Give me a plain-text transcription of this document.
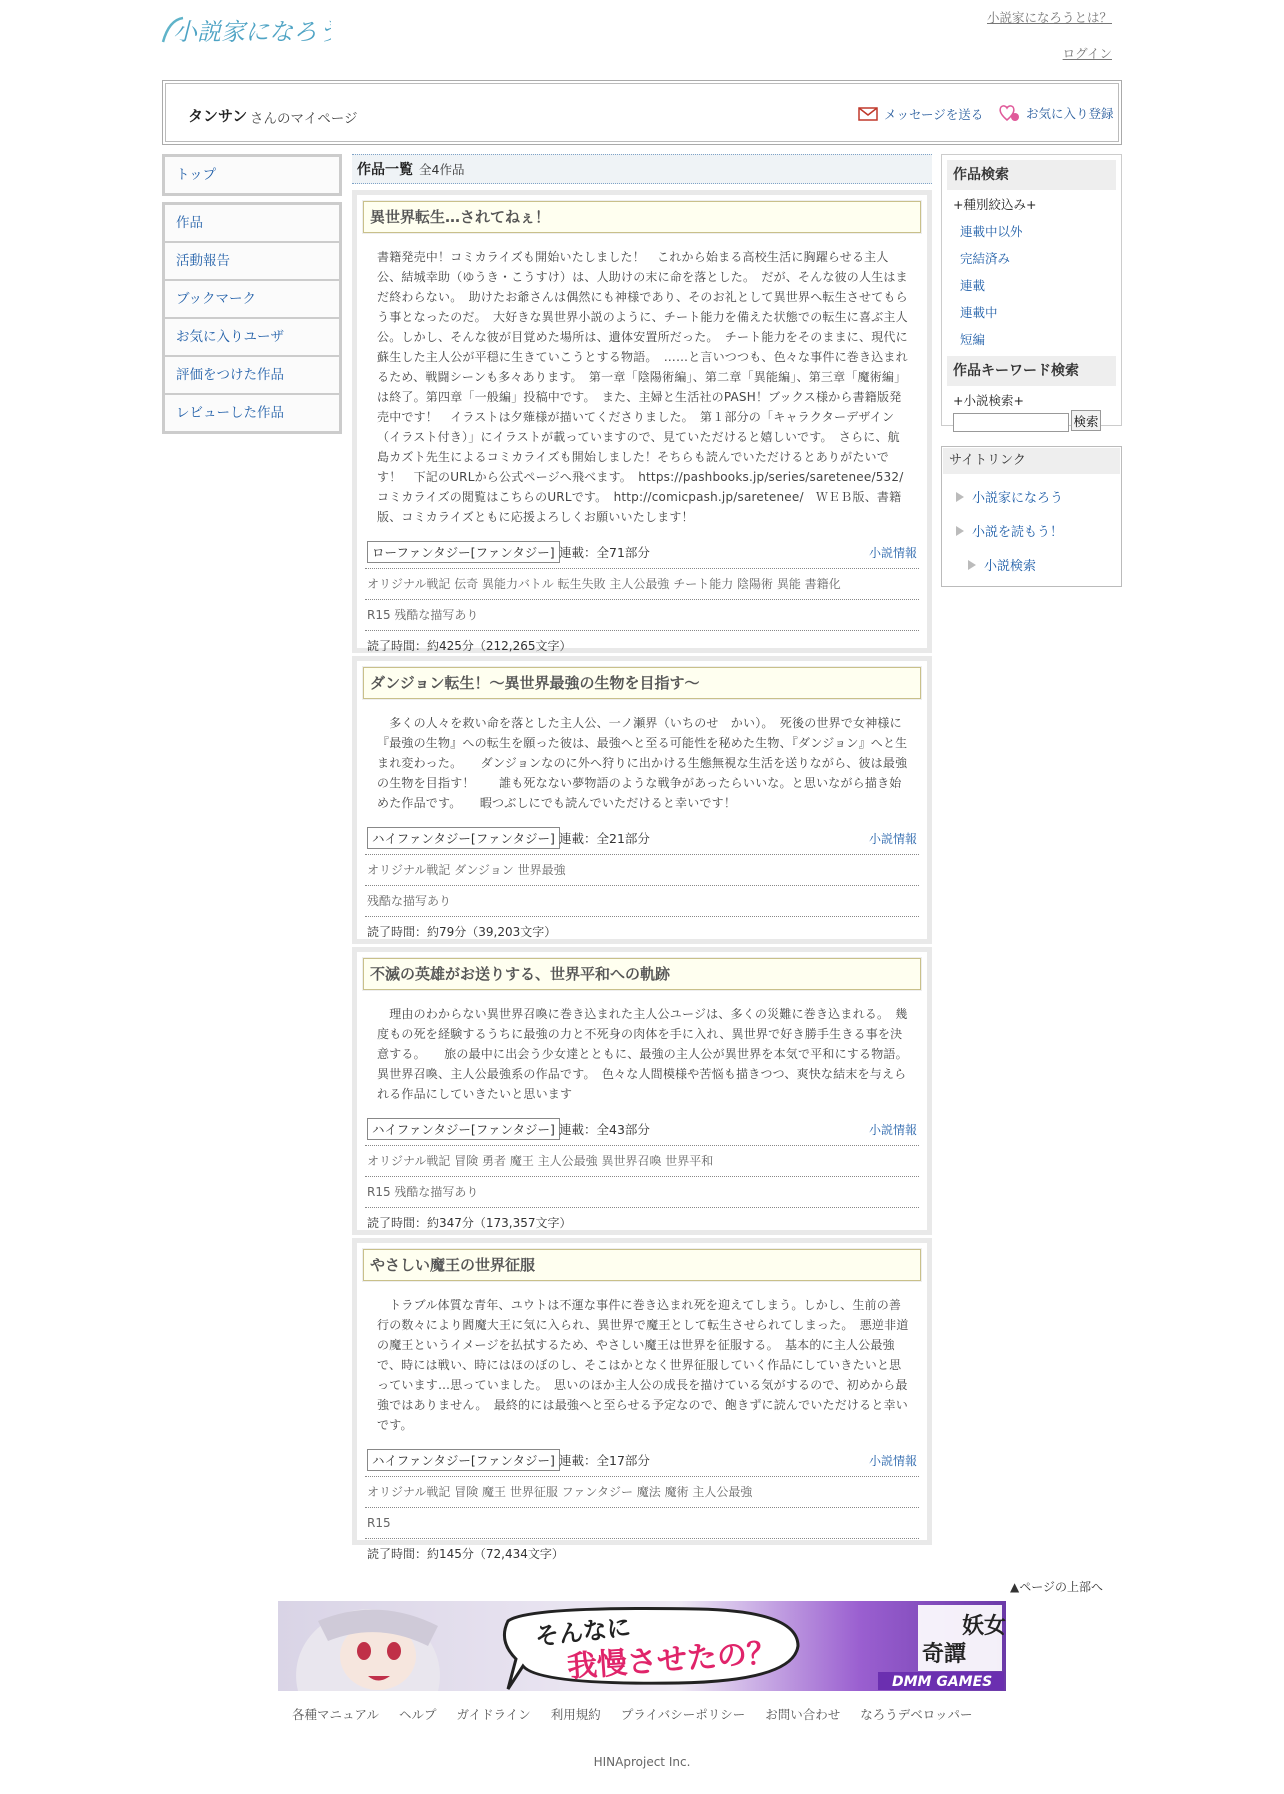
小説家になろう
小説家になろうとは？
ログイン
タンサン さんのマイページ	メッセージを送る	お気に入り登録
トップ
作品
活動報告
ブックマーク
お気に入りユーザ
評価をつけた作品
レビューした作品
作品一覧 全4作品
異世界転生…されてねぇ！
書籍発売中！コミカライズも開始いたしました！　これから始まる高校生活に胸躍らせる主人公、結城幸助（ゆうき・こうすけ）は、人助けの末に命を落とした。　だが、そんな彼の人生はまだ終わらない。　助けたお爺さんは偶然にも神様であり、そのお礼として異世界へ転生させてもらう事となったのだ。　大好きな異世界小説のように、チート能力を備えた状態での転生に喜ぶ主人公。しかし、そんな彼が目覚めた場所は、遺体安置所だった。　チート能力をそのままに、現代に蘇生した主人公が平穏に生きていこうとする物語。　……と言いつつも、色々な事件に巻き込まれるため、戦闘シーンも多々あります。　第一章「陰陽術編」、第二章「異能編」、第三章「魔術編」は終了。第四章「一般編」投稿中です。　また、主婦と生活社のPASH！ブックス様から書籍版発売中です！　イラストは夕薙様が描いてくださりました。　第１部分の「キャラクターデザイン（イラスト付き）」にイラストが載っていますので、見ていただけると嬉しいです。　さらに、航島カズト先生によるコミカライズも開始しました！そちらも読んでいただけるとありがたいです！　下記のURLから公式ページへ飛べます。　https://pashbooks.jp/series/saretenee/532/　コミカライズの閲覧はこちらのURLです。　http://comicpash.jp/saretenee/　ＷＥＢ版、書籍版、コミカライズともに応援よろしくお願いいたします！
ローファンタジー[ファンタジー] 連載：全71部分	小説情報
オリジナル戦記 伝奇 異能力バトル 転生失敗 主人公最強 チート能力 陰陽術 異能 書籍化
R15 残酷な描写あり
読了時間：約425分（212,265文字）
ダンジョン転生！〜異世界最強の生物を目指す〜
　多くの人々を救い命を落とした主人公、一ノ瀬界（いちのせ　かい）。　死後の世界で女神様に『最強の生物』への転生を願った彼は、最強へと至る可能性を秘めた生物、『ダンジョン』へと生まれ変わった。　　ダンジョンなのに外へ狩りに出かける生態無視な生活を送りながら、彼は最強の生物を目指す！　　誰も死なない夢物語のような戦争があったらいいな。と思いながら描き始めた作品です。　　暇つぶしにでも読んでいただけると幸いです！
ハイファンタジー[ファンタジー] 連載：全21部分	小説情報
オリジナル戦記 ダンジョン 世界最強
残酷な描写あり
読了時間：約79分（39,203文字）
不滅の英雄がお送りする、世界平和への軌跡
　理由のわからない異世界召喚に巻き込まれた主人公ユージは、多くの災難に巻き込まれる。　幾度もの死を経験するうちに最強の力と不死身の肉体を手に入れ、異世界で好き勝手生きる事を決意する。　　旅の最中に出会う少女達とともに、最強の主人公が異世界を本気で平和にする物語。　異世界召喚、主人公最強系の作品です。　色々な人間模様や苦悩も描きつつ、爽快な結末を与えられる作品にしていきたいと思います
ハイファンタジー[ファンタジー] 連載：全43部分	小説情報
オリジナル戦記 冒険 勇者 魔王 主人公最強 異世界召喚 世界平和
R15 残酷な描写あり
読了時間：約347分（173,357文字）
やさしい魔王の世界征服
　トラブル体質な青年、ユウトは不運な事件に巻き込まれ死を迎えてしまう。しかし、生前の善行の数々により閻魔大王に気に入られ、異世界で魔王として転生させられてしまった。　悪逆非道の魔王というイメージを払拭するため、やさしい魔王は世界を征服する。　基本的に主人公最強で、時には戦い、時にはほのぼのし、そこはかとなく世界征服していく作品にしていきたいと思っています…思っていました。　思いのほか主人公の成長を描けている気がするので、初めから最強ではありません。　最終的には最強へと至らせる予定なので、飽きずに読んでいただけると幸いです。
ハイファンタジー[ファンタジー] 連載：全17部分	小説情報
オリジナル戦記 冒険 魔王 世界征服 ファンタジー 魔法 魔術 主人公最強
R15
読了時間：約145分（72,434文字）
作品検索
+種別絞込み+
連載中以外
完結済み
連載
連載中
短編
作品キーワード検索
+小説検索+
検索
サイトリンク
小説家になろう
小説を読もう！
小説検索
▲ページの上部へ
そんなに
我慢させたの？
妖女
奇譚
DMM GAMES
各種マニュアル ヘルプ ガイドライン 利用規約 プライバシーポリシー お問い合わせ なろうデベロッパー
HINAproject Inc.
